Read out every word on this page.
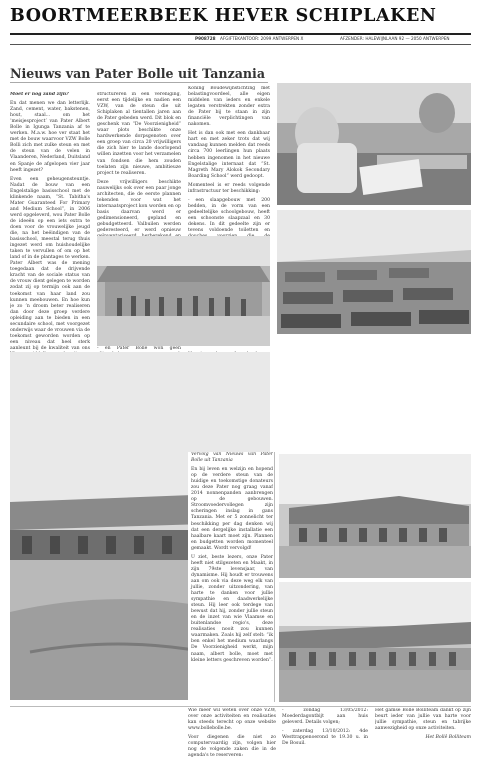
BOORTMEERBEEK HEVER SCHIPLAKEN
P908728 AFGIFTEKANTOOR: 2099 ANTWERPEN X	AFZENDER: HALEWIJNLAAN 92 — 2050 ANTWERPEN
Nieuws van Pater Bolle uit Tanzania

Moet er nog zand zijn?

En dat menen we dan letterlijk. Zand, cement, water, bakstenen, hout, staal… om het ‘meisjesproject’ van Pater Albert Bolle in Igunga Tanzania af te werken. M.a.w. hoe ver staat het met de bouw waarvoor VZW Bolle Bolli zich met zulke steun en met de steun van de velen in Vlaanderen, Nederland, Duitsland en Spanje de afgelopen vier jaar heeft ingezet?

Even een geheugensteuntje. Nadat de bouw van een Engelstalige basisschool met de klinkende naam, “St. Tabitha's Mater Guaranteed For Primary and Medium School”, in 2006 werd opgeleverd, wou Pater Bolle de ideeën op een iets extra te doen voor de vrouwelijke jeugd die, na het beëindigen van de basisschool, meestal terug thuis ingezet werd om huishoudelijke taken te vervullen of om op het land of in de plantages te werken. Pater Albert was de mening toegedaan dat de drijvende kracht van de sociale status van de vrouw dient gelegen te worden zodat zij op termijn ook aan de toekomst van haar land zou kunnen meebouwen. En hoe kun je zo ’n droom beter realiseren dan door deze groep verdere opleiding aan te bieden in een secundaire school, met voorgezet onderwijs waar de vrouwen via de toekomst geworden worden op een niveau dat heel sterk aanleunt bij de kwaliteit van ons

structureren in een vereniging, eerst een tijdelijke en nadien een VZW, van de steun die uit Schiplaken al tientallen jaren aan de Pater gebeden werd. Dit blok en geschenk van “De Voorzienigheid” waar plots beschikte onze hardwerkende dorpsgenoten over een groep van circa 20 vrijwilligers die zich hier te lande doorlopend willen inzetten voor het verzamelen van fondsen die hem zouden toelaten zijn nieuwe, ambitieuze project te realiseren.

Deze vrijwilligers beschikte nauwelijks ook over een paar jonge architecten, die de eerste plannen tekenden voor wat het internaatsproject kon worden en op basis daarvan werd er gedimensioneerd, gepland en gebudgetteerd. Valbuilen werden gederesteerd, er werd opnieuw

- en Pater Bolle won geen

Koning Boudewijnstichting met belastingvoordeel, alle eigen middelen van ieders en enkele legaten verstrekten zonder extra de Pater bij te staan in zijn financiële verplichtingen van nakomen.

Het is dan ook met een dankbaar hart en met zeker trots dat wij vandaag kunnen melden dat reeds circa 700 leerlingen hun plaats hebben ingenomen in het nieuwe Engelstalige internaat dat “St. Magreth Mary Alokok Secondary Boarding School” werd gedoopt.

Momenteel is er reeds volgende infrastructuur ter beschikking:

- een slaapgebouw met 200 bedden, in de vorm van een gedeeltelijke schoolgebouw, heeft een schoonste slaapzaal en 30 dekens. In dit gedeelte zijn er tevens voldoende toiletten en

Vervolg van Nieuws van Pater Bolle uit Tanzania

En bij leven en welzijn en hopend op de verdere steun van de huidige en toekomstige donateurs zou deze Pater nog graag vanaf 2014 nonnenpanden aanbrengen op de gebouwen. Stroomvoedervollegen zijn scheringen inslag in gans Tanzania. Met er 5 zonnelicht ter beschikking per dag denken wij dat een dergelijke installatie een haalbare kaart moet zijn. Plannen en budgetten worden momenteel gemaakt. Wordt vervolgd!

U ziet, beste lezers, onze Pater heeft niet stilgezeten en Maakt, in zijn 79ste levensjaar, van dynamisme. Hij houdt er trouwens aan om ook via deze weg elk van jullie, zonder uitzondering, van harte te danken voor jullie sympathie en daadwerkelijke steun. Hij leer ook terdege van bewust dat hij, zonder jullie steun en de inzet van wie Vlaamse en buitenlandse regio's, deze realisaties nooit zou kunnen waarmaken. Zoals hij zelf stelt: “ik ben enkel het medium waarlangs De Voorzienigheid werkt, mijn naam, albert bolle, moet met kleine letters geschreven worden”.

Wie meer wil weten over onze VZW, over onze activiteiten en realisaties kan steeds terecht op onze website www.bollebolle.be.

Voor diegenen die niet zo computervaardig zijn, volgen hier nog de volgende zaken die in de agenda's te reserveren:

- zondag 13/05/2012: Moederdagontbijt aan huis geleverd. Details volgen;

- zaterdag 13/10/2012: 4de Westtrappenoerond te 19.30 u. in De Bosuil.

Het gamse Bollê Bolliteam dankt op zijn beurt ieder van jullie van harte voor jullie sympathie, steun en tabrijke aanwezigheid op onze activiteiten.

Het Bollê Bolliteam
